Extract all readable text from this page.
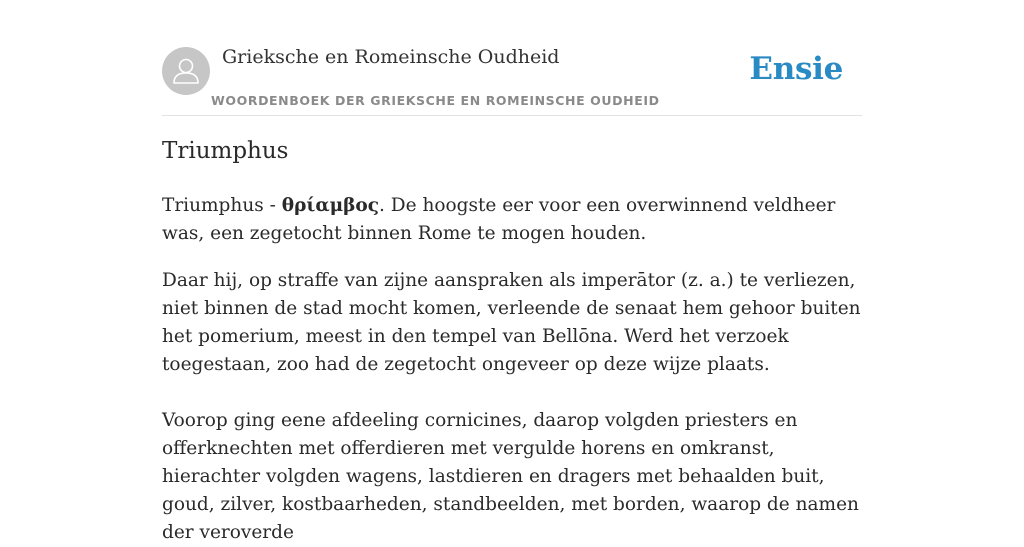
Grieksche en Romeinsche Oudheid
WOORDENBOEK DER GRIEKSCHE EN ROMEINSCHE OUDHEID
Ensie
Triumphus

Triumphus - θρίαμβος. De hoogste eer voor een overwinnend veldheer was, een zegetocht binnen Rome te mogen houden.

Daar hij, op straffe van zijne aanspraken als imperātor (z. a.) te verliezen, niet binnen de stad mocht komen, verleende de senaat hem gehoor buiten het pomerium, meest in den tempel van Bellōna. Werd het verzoek toegestaan, zoo had de zegetocht ongeveer op deze wijze plaats.

Voorop ging eene afdeeling cornicines, daarop volgden priesters en offerknechten met offerdieren met vergulde horens en omkranst, hierachter volgden wagens, lastdieren en dragers met behaalden buit, goud, zilver, kostbaarheden, standbeelden, met borden, waarop de namen der veroverde
